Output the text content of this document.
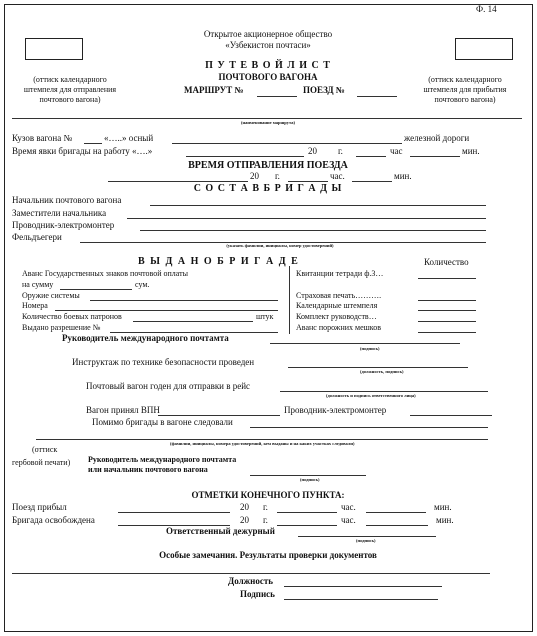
Ф. 14
Открытое акционерное общество
«Узбекистон почтаси»
(оттиск календарного
штемпеля для отправления
почтового вагона)
(оттиск календарного
штемпеля для прибытия
почтового вагона)
П У Т Е В О Й Л И С Т
ПОЧТОВОГО ВАГОНА
МАРШРУТ №	ПОЕЗД №
(наименование маршрута)
Кузов вагона №	«…..» осный	железной дороги
Время явки бригады на работу «….»	20 г.	час	мин.
ВРЕМЯ ОТПРАВЛЕНИЯ ПОЕЗДА
20 г.	час.	мин.
С О С Т А В Б Р И Г А Д Ы
Начальник почтового вагона
Заместители начальника
Проводник-электромонтер
Фельдъегери
(указать фамилии, инициалы, номер удостоверений)
В Ы Д А Н О Б Р И Г А Д Е	Количество
Аванс Государственных знаков почтовой оплаты
на сумму	сум.
Оружие системы
Номера
Количество боевых патронов	штук
Выдано разрешение №
Квитанции тетради ф.3…
Страховая печать……….
Календарные штемпеля
Комплект руководств…
Аванс порожних мешков
Руководитель международного почтамта
(подпись)
Инструктаж по технике безопасности проведен
(должность, подпись)
Почтовый вагон годен для отправки в рейс
(должность и подпись ответственного лица)
Вагон принял ВПН	Проводник-электромонтер
Помимо бригады в вагоне следовали
(фамилии, инициалы, номера удостоверений, кем выданы и на каких участках следовали)
(оттиск
гербовой печати) Руководитель международного почтамта
или начальник почтового вагона
(подпись)
ОТМЕТКИ КОНЕЧНОГО ПУНКТА:
Поезд прибыл	20 г.	час.	мин.
Бригада освобождена	20 г.	час.	мин.
Ответственный дежурный
(подпись)
Особые замечания. Результаты проверки документов
Должность
Подпись
